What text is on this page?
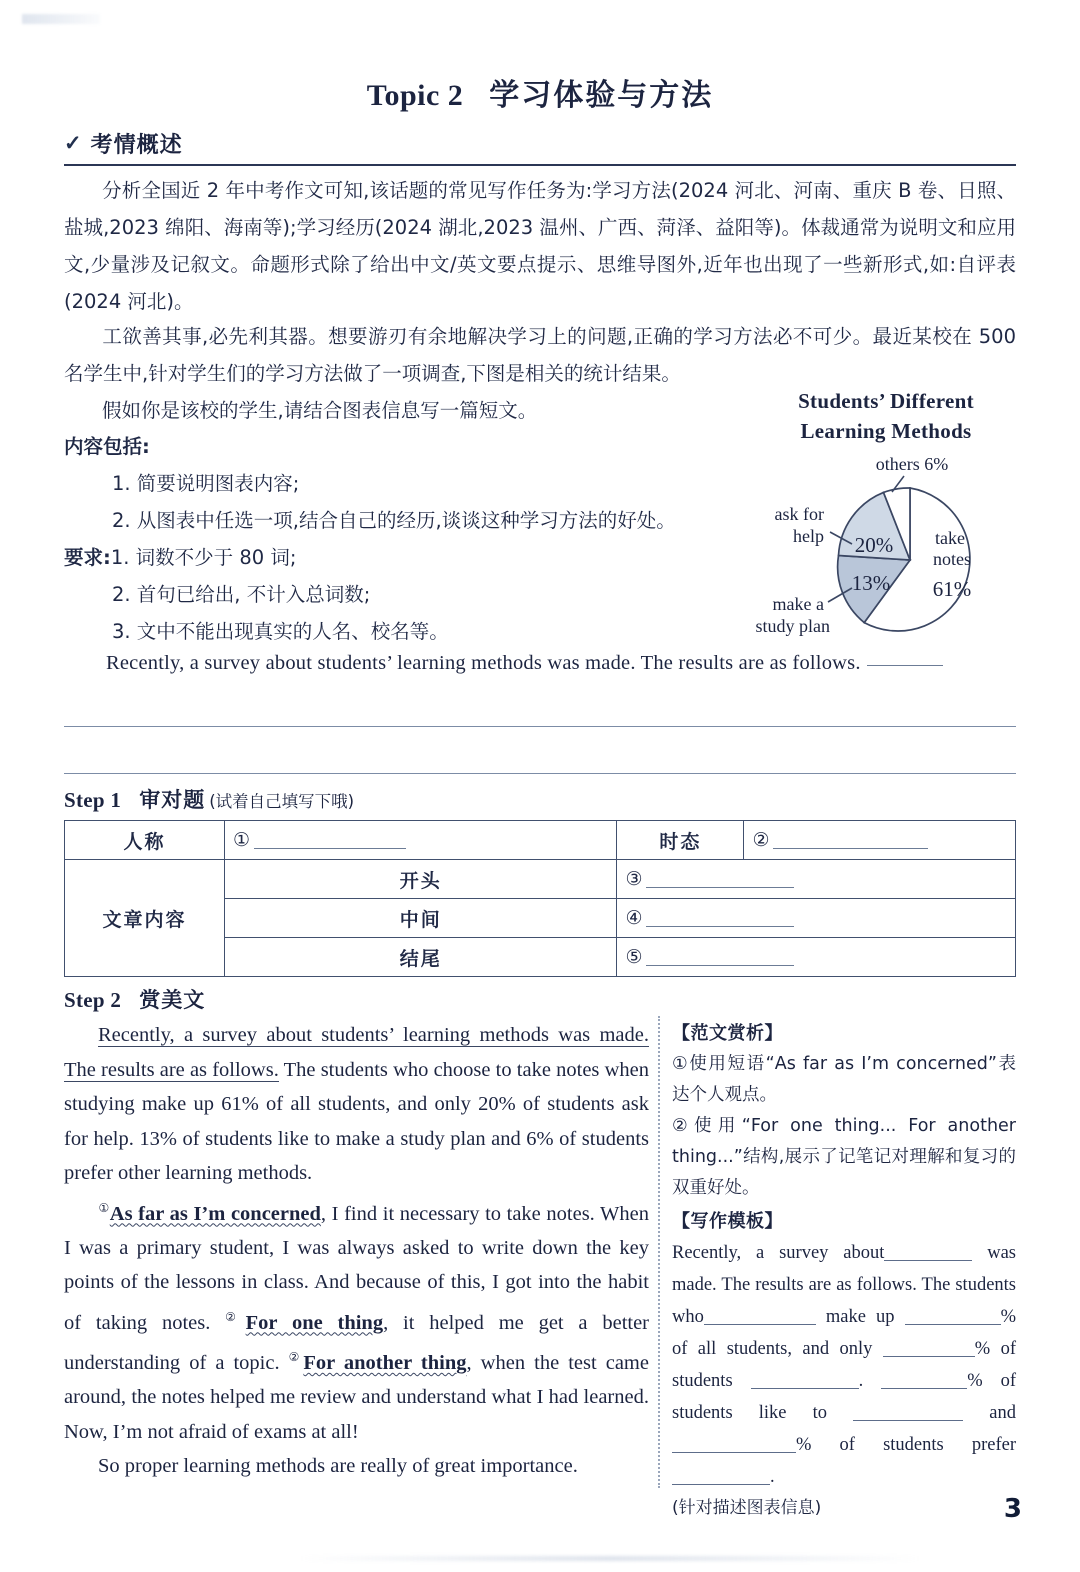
Topic 2 学习体验与方法
✓ 考情概述
分析全国近 2 年中考作文可知,该话题的常见写作任务为:学习方法(2024 河北、河南、重庆 B 卷、日照、盐城,2023 绵阳、海南等);学习经历(2024 湖北,2023 温州、广西、菏泽、益阳等)。体裁通常为说明文和应用文,少量涉及记叙文。命题形式除了给出中文/英文要点提示、思维导图外,近年也出现了一些新形式,如:自评表(2024 河北)。
工欲善其事,必先利其器。想要游刃有余地解决学习上的问题,正确的学习方法必不可少。最近某校在 500 名学生中,针对学生们的学习方法做了一项调查,下图是相关的统计结果。
假如你是该校的学生,请结合图表信息写一篇短文。
内容包括:
1. 简要说明图表内容;
2. 从图表中任选一项,结合自己的经历,谈谈这种学习方法的好处。
要求: 1. 词数不少于 80 词;
2. 首句已给出, 不计入总词数;
3. 文中不能出现真实的人名、校名等。
Students’ Different
Learning Methods
others 6%
ask for
help
make a
study plan
20%
13%
take
notes
61%
Recently, a survey about students’ learning methods was made. The results are as follows.
Step 1 审对题 (试着自己填写下哦)
人称	①	时态	②
文章内容	开头	③	
	中间	④	
	结尾	⑤	
Step 2 赏美文

Recently, a survey about students’ learning methods was made. The results are as follows. The students who choose to take notes when studying make up 61% of all students, and only 20% of students ask for help. 13% of students like to make a study plan and 6% of students prefer other learning methods.

①As far as I’m concerned, I find it necessary to take notes. When I was a primary student, I was always asked to write down the key points of the lessons in class. And because of this, I got into the habit of taking notes. ②For one thing, it helped me get a better understanding of a topic. ②For another thing, when the test came around, the notes helped me review and understand what I had learned. Now, I’m not afraid of exams at all!

So proper learning methods are really of great importance.

【范文赏析】
①使用短语“As far as I’m concerned”表达个人观点。
②使用“For one thing... For another thing...”结构,展示了记笔记对理解和复习的双重好处。
【写作模板】
Recently, a survey about	was made. The results are as follows. The students who	make up	% of all students, and only	% of students	.	% of students like to	and % of students prefer .
(针对描述图表信息)	3
